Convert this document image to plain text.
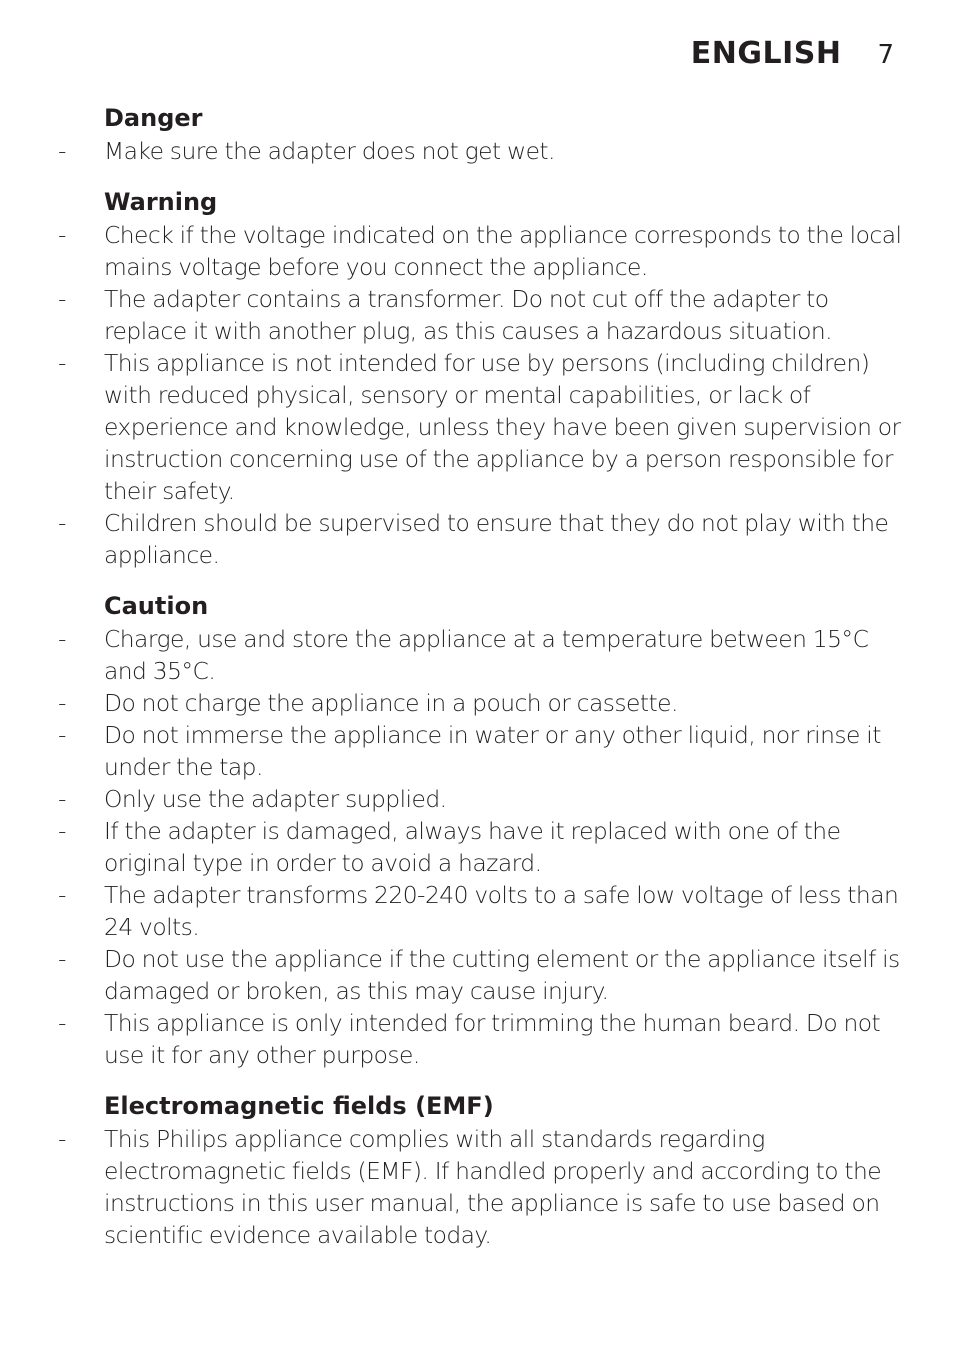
ENGLISH 7
Danger
-	Make sure the adapter does not get wet.
Warning
-	Check if the voltage indicated on the appliance corresponds to the local mains voltage before you connect the appliance.
-	The adapter contains a transformer. Do not cut off the adapter to replace it with another plug, as this causes a hazardous situation.
-	This appliance is not intended for use by persons (including children) with reduced physical, sensory or mental capabilities, or lack of experience and knowledge, unless they have been given supervision or instruction concerning use of the appliance by a person responsible for their safety.
-	Children should be supervised to ensure that they do not play with the appliance.
Caution
-	Charge, use and store the appliance at a temperature between 15°C and 35°C.
-	Do not charge the appliance in a pouch or cassette.
-	Do not immerse the appliance in water or any other liquid, nor rinse it under the tap.
-	Only use the adapter supplied.
-	If the adapter is damaged, always have it replaced with one of the original type in order to avoid a hazard.
-	The adapter transforms 220-240 volts to a safe low voltage of less than 24 volts.
-	Do not use the appliance if the cutting element or the appliance itself is damaged or broken, as this may cause injury.
-	This appliance is only intended for trimming the human beard. Do not use it for any other purpose.
Electromagnetic fields (EMF)
-	This Philips appliance complies with all standards regarding electromagnetic fields (EMF). If handled properly and according to the instructions in this user manual, the appliance is safe to use based on scientific evidence available today.
